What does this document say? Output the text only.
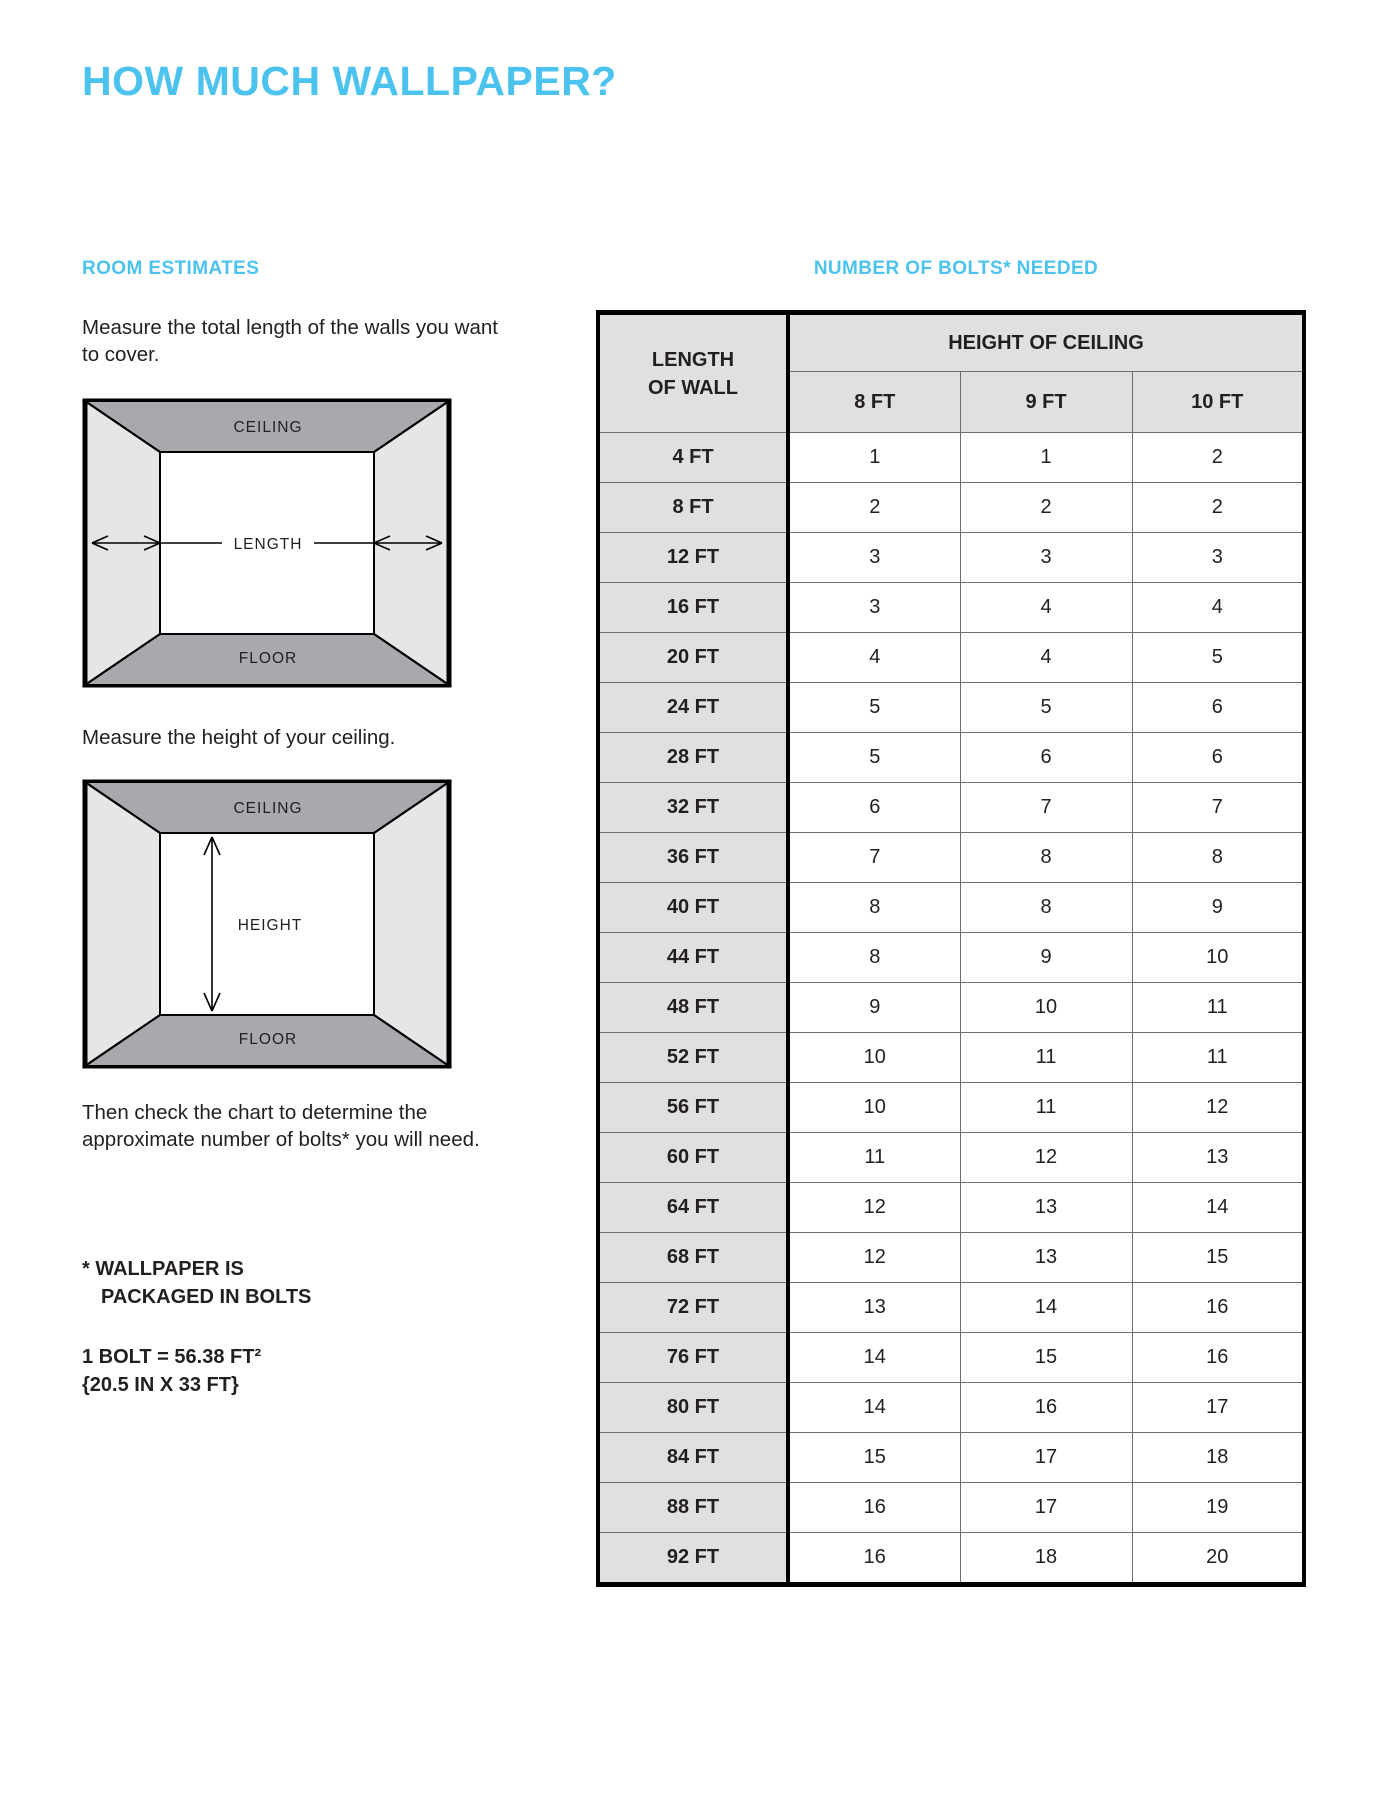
HOW MUCH WALLPAPER?
ROOM ESTIMATES

Measure the total length of the walls you want to cover.

LENGTH
CEILING
FLOOR

Measure the height of your ceiling.

HEIGHT
CEILING
FLOOR

Then check the chart to determine the approximate number of bolts* you will need.

* WALLPAPER IS

PACKAGED IN BOLTS

1 BOLT = 56.38 FT²

{20.5 IN X 33 FT}

NUMBER OF BOLTS* NEEDED
LENGTH
OF WALL	HEIGHT OF CEILING		
	8 FT	9 FT	10 FT
4 FT	1	1	2
8 FT	2	2	2
12 FT	3	3	3
16 FT	3	4	4
20 FT	4	4	5
24 FT	5	5	6
28 FT	5	6	6
32 FT	6	7	7
36 FT	7	8	8
40 FT	8	8	9
44 FT	8	9	10
48 FT	9	10	11
52 FT	10	11	11
56 FT	10	11	12
60 FT	11	12	13
64 FT	12	13	14
68 FT	12	13	15
72 FT	13	14	16
76 FT	14	15	16
80 FT	14	16	17
84 FT	15	17	18
88 FT	16	17	19
92 FT	16	18	20
